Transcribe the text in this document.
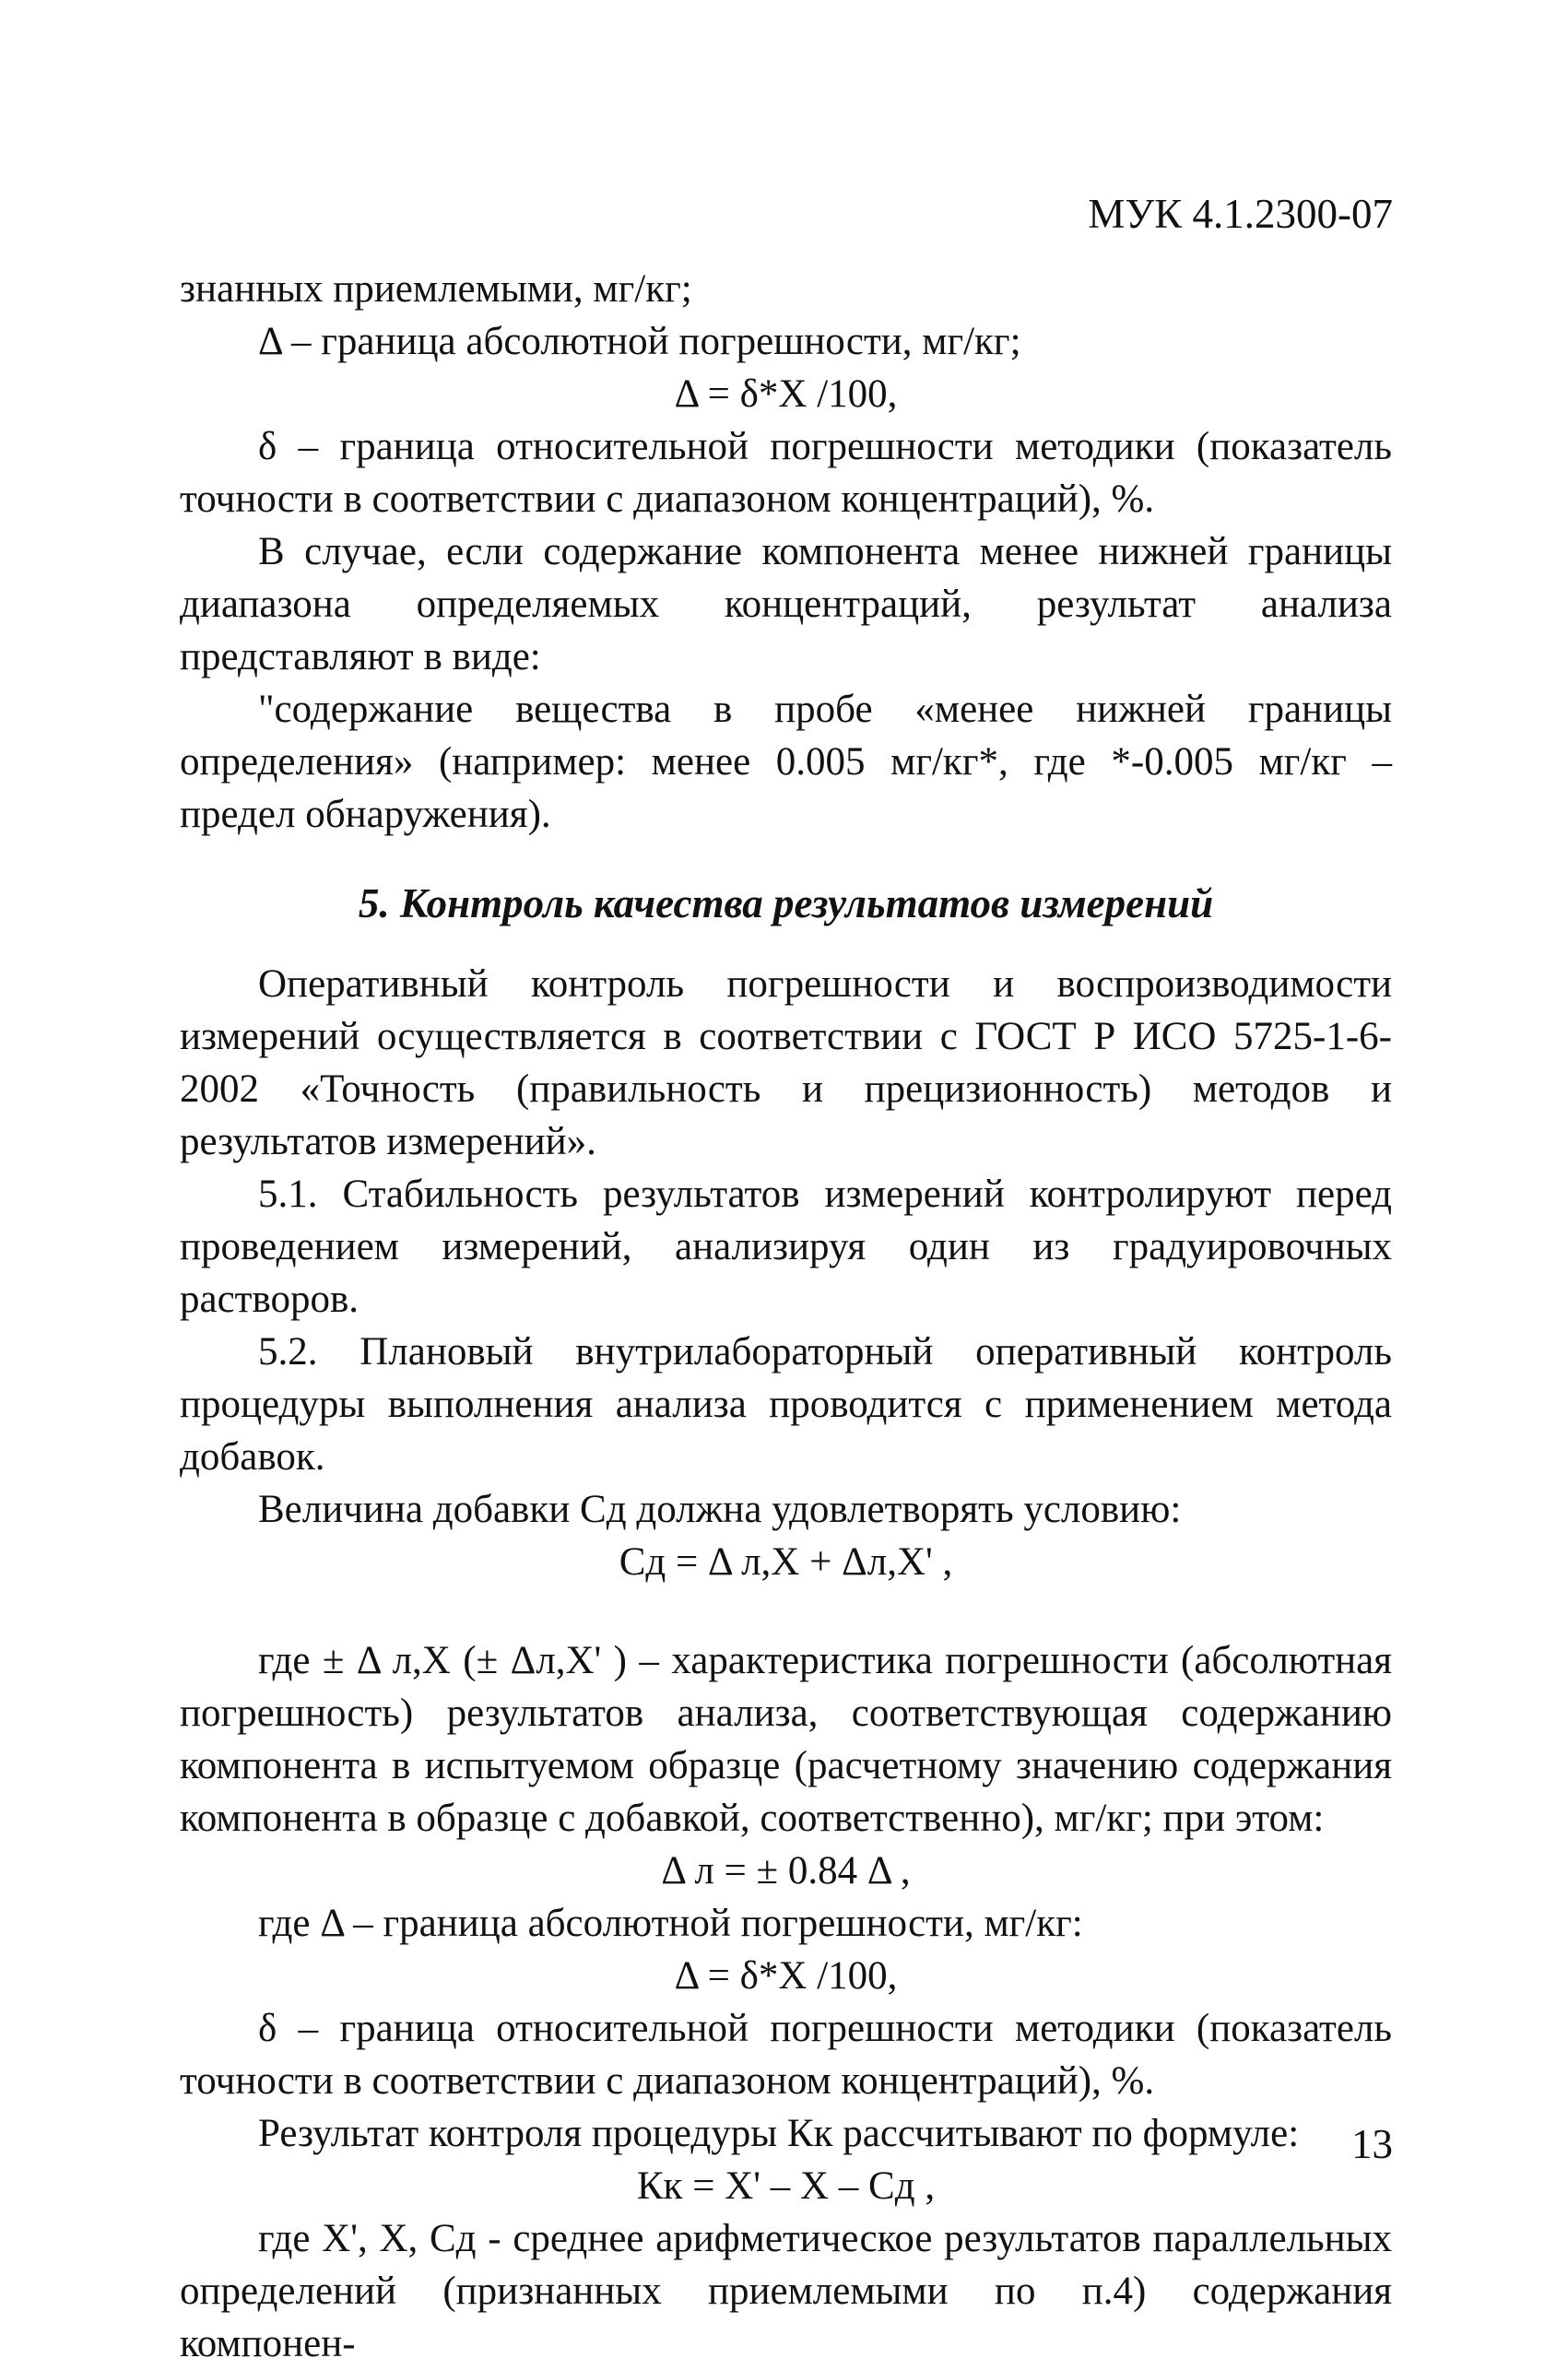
МУК 4.1.2300-07

знанных приемлемыми, мг/кг;

Δ – граница абсолютной погрешности, мг/кг;

Δ = δ*X /100,

δ – граница относительной погрешности методики (показатель точности в соответствии с диапазоном концентраций), %.

В случае, если содержание компонента менее нижней границы диапазона определяемых концентраций, результат анализа представляют в виде:

"содержание вещества в пробе «менее нижней границы определения» (например: менее 0.005 мг/кг*, где *-0.005 мг/кг – предел обнаружения).

5. Контроль качества результатов измерений

Оперативный контроль погрешности и воспроизводимости измерений осуществляется в соответствии с ГОСТ Р ИСО 5725-1-6-2002 «Точность (правильность и прецизионность) методов и результатов измерений».

5.1. Стабильность результатов измерений контролируют перед проведением измерений, анализируя один из градуировочных растворов.

5.2. Плановый внутрилабораторный оперативный контроль процедуры выполнения анализа проводится с применением метода добавок.

Величина добавки Cд должна удовлетворять условию:

Cд = Δ л,X + Δл,X' ,

где ± Δ л,X (± Δл,X' ) – характеристика погрешности (абсолютная погрешность) результатов анализа, соответствующая содержанию компонента в испытуемом образце (расчетному значению содержания компонента в образце с добавкой, соответственно), мг/кг; при этом:

Δ л = ± 0.84 Δ ,

где Δ – граница абсолютной погрешности, мг/кг:

Δ = δ*X /100,

δ – граница относительной погрешности методики (показатель точности в соответствии с диапазоном концентраций), %.

Результат контроля процедуры Кк рассчитывают по формуле:

Кк = X' – X – Cд ,

где X', X, Cд - среднее арифметическое результатов параллельных определений (признанных приемлемыми по п.4) содержания компонен-

13
